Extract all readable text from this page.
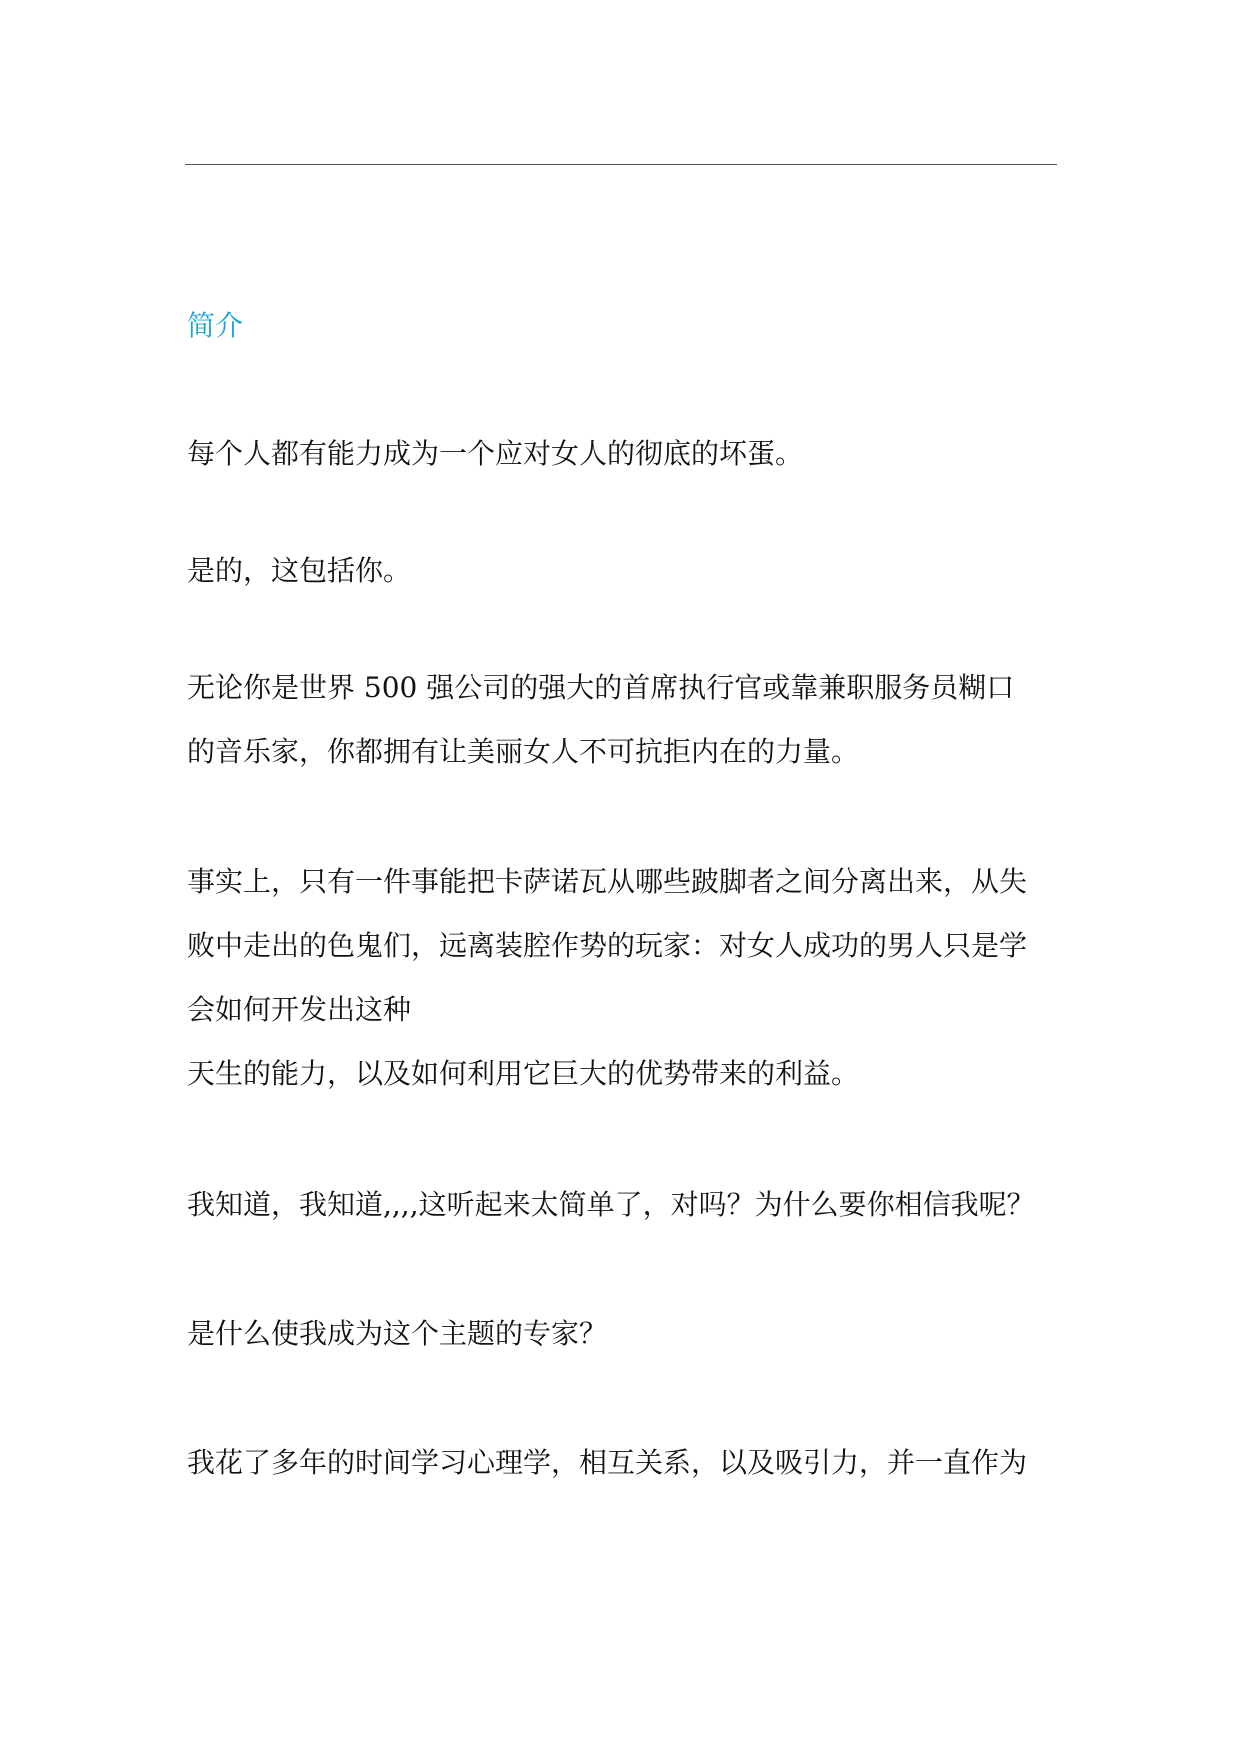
简介
每个人都有能力成为一个应对女人的彻底的坏蛋。
是的，这包括你。
无论你是世界 500 强公司的强大的首席执行官或靠兼职服务员糊口
的音乐家，你都拥有让美丽女人不可抗拒内在的力量。
事实上，只有一件事能把卡萨诺瓦从哪些跛脚者之间分离出来，从失
败中走出的色鬼们，远离装腔作势的玩家：对女人成功的男人只是学
会如何开发出这种
天生的能力，以及如何利用它巨大的优势带来的利益。
我知道，我知道,,,,这听起来太简单了，对吗？为什么要你相信我呢？
是什么使我成为这个主题的专家？
我花了多年的时间学习心理学，相互关系，以及吸引力，并一直作为
